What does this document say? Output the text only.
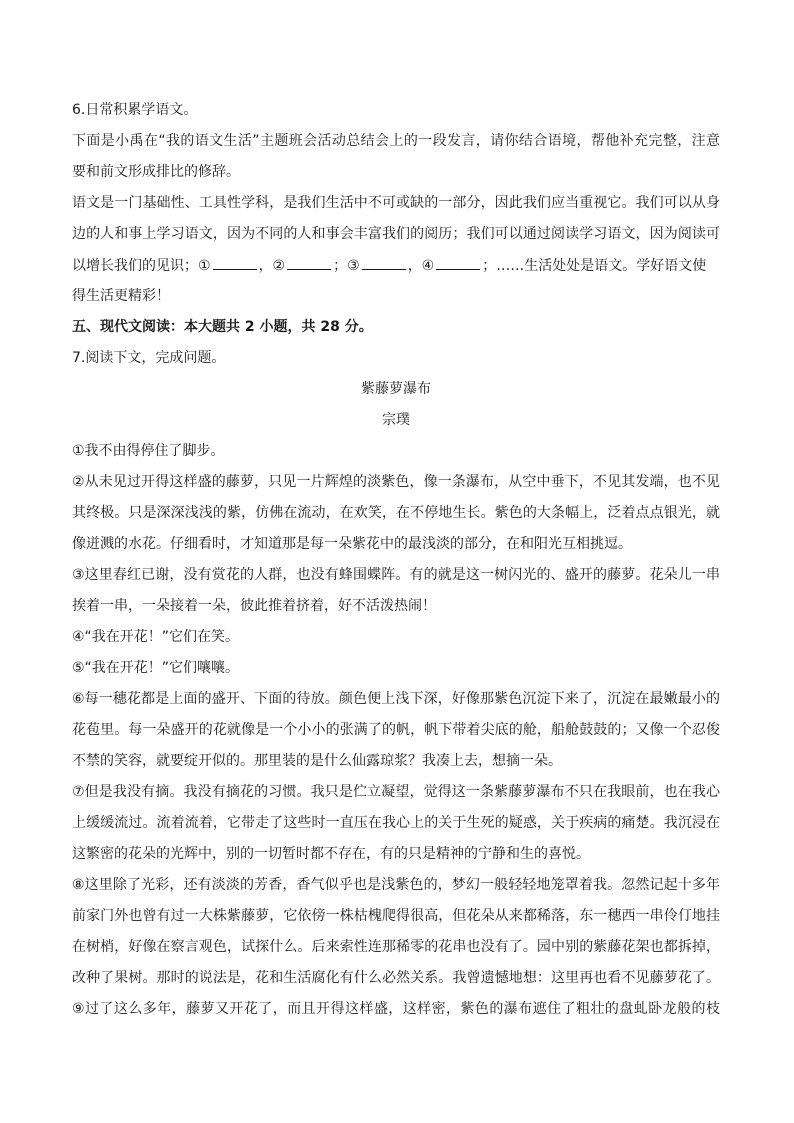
6.日常积累学语文。
下面是小禹在“我的语文生活”主题班会活动总结会上的一段发言，请你结合语境，帮他补充完整，注意
要和前文形成排比的修辞。
语文是一门基础性、工具性学科，是我们生活中不可或缺的一部分，因此我们应当重视它。我们可以从身
边的人和事上学习语文，因为不同的人和事会丰富我们的阅历；我们可以通过阅读学习语文，因为阅读可
以增长我们的见识；①	，②	；③	，④	；……生活处处是语文。学好语文使
得生活更精彩！
五、现代文阅读：本大题共 2 小题，共 28 分。
7.阅读下文，完成问题。
紫藤萝瀑布
宗璞
①我不由得停住了脚步。
②从未见过开得这样盛的藤萝，只见一片辉煌的淡紫色，像一条瀑布，从空中垂下，不见其发端，也不见
其终极。只是深深浅浅的紫，仿佛在流动，在欢笑，在不停地生长。紫色的大条幅上，泛着点点银光，就
像迸溅的水花。仔细看时，才知道那是每一朵紫花中的最浅淡的部分，在和阳光互相挑逗。
③这里春红已谢，没有赏花的人群，也没有蜂围蝶阵。有的就是这一树闪光的、盛开的藤萝。花朵儿一串
挨着一串，一朵接着一朵，彼此推着挤着，好不活泼热闹！
④“我在开花！”它们在笑。
⑤“我在开花！”它们嚷嚷。
⑥每一穗花都是上面的盛开、下面的待放。颜色便上浅下深，好像那紫色沉淀下来了，沉淀在最嫩最小的
花苞里。每一朵盛开的花就像是一个小小的张满了的帆，帆下带着尖底的舱，船舱鼓鼓的；又像一个忍俊
不禁的笑容，就要绽开似的。那里装的是什么仙露琼浆？我凑上去，想摘一朵。
⑦但是我没有摘。我没有摘花的习惯。我只是伫立凝望，觉得这一条紫藤萝瀑布不只在我眼前，也在我心
上缓缓流过。流着流着，它带走了这些时一直压在我心上的关于生死的疑惑，关于疾病的痛楚。我沉浸在
这繁密的花朵的光辉中，别的一切暂时都不存在，有的只是精神的宁静和生的喜悦。
⑧这里除了光彩，还有淡淡的芳香，香气似乎也是浅紫色的，梦幻一般轻轻地笼罩着我。忽然记起十多年
前家门外也曾有过一大株紫藤萝，它依傍一株枯槐爬得很高，但花朵从来都稀落，东一穗西一串伶仃地挂
在树梢，好像在察言观色，试探什么。后来索性连那稀零的花串也没有了。园中别的紫藤花架也都拆掉，
改种了果树。那时的说法是，花和生活腐化有什么必然关系。我曾遗憾地想：这里再也看不见藤萝花了。
⑨过了这么多年，藤萝又开花了，而且开得这样盛，这样密，紫色的瀑布遮住了粗壮的盘虬卧龙般的枝
